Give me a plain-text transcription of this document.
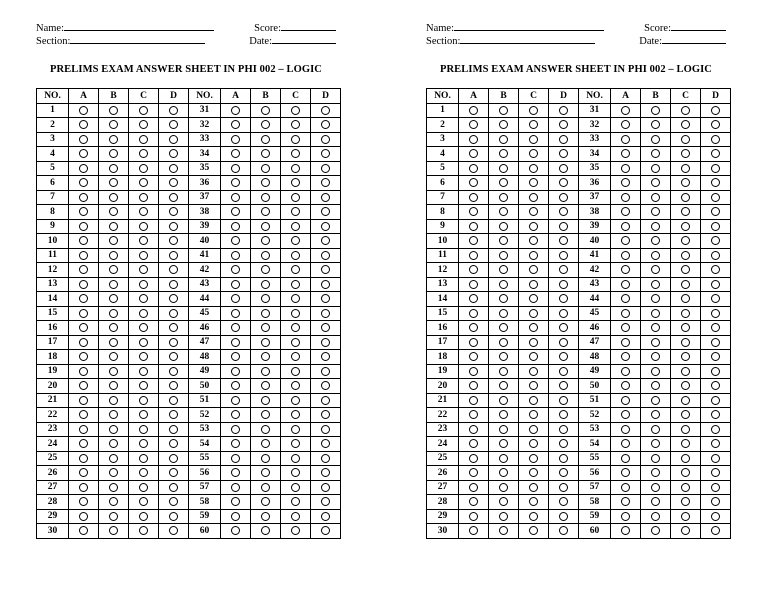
Name:	Score:
Section:	Date:
PRELIMS EXAM ANSWER SHEET IN PHI 002 – LOGIC
NO.	A	B	C	D	NO.	A	B	C	D
1					31				
2					32				
3					33				
4					34				
5					35				
6					36				
7					37				
8					38				
9					39				
10					40				
11					41				
12					42				
13					43				
14					44				
15					45				
16					46				
17					47				
18					48				
19					49				
20					50				
21					51				
22					52				
23					53				
24					54				
25					55				
26					56				
27					57				
28					58				
29					59				
30					60				
Name:	Score:
Section:	Date:
PRELIMS EXAM ANSWER SHEET IN PHI 002 – LOGIC
NO.	A	B	C	D	NO.	A	B	C	D
1					31				
2					32				
3					33				
4					34				
5					35				
6					36				
7					37				
8					38				
9					39				
10					40				
11					41				
12					42				
13					43				
14					44				
15					45				
16					46				
17					47				
18					48				
19					49				
20					50				
21					51				
22					52				
23					53				
24					54				
25					55				
26					56				
27					57				
28					58				
29					59				
30					60				
